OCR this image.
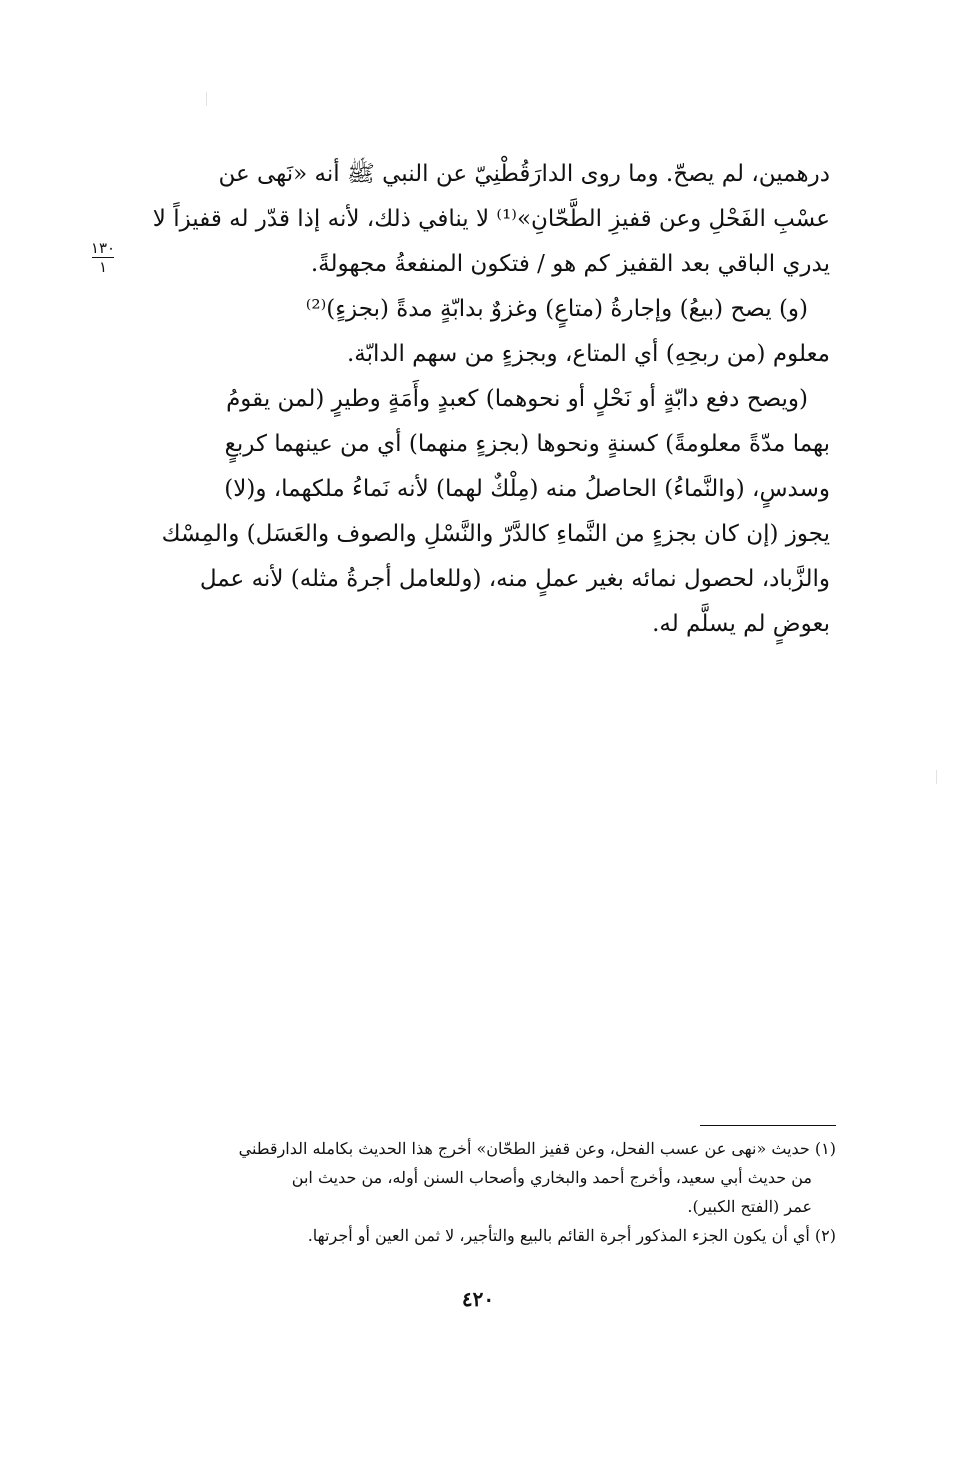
١٣٠
١
درهمين، لم يصحّ. وما روى الدارَقُطْنِيّ عن النبي ﷺ أنه «نَهى عن
عسْبِ الفَحْلِ وعن قفيزِ الطَّحّانِ»⁽¹⁾ لا ينافي ذلك، لأنه إذا قدّر له قفيزاً لا
يدري الباقي بعد القفيز كم هو / فتكون المنفعةُ مجهولةً.
(و) يصح (بيعُ) وإجارةُ (متاعٍ) وغزوٌ بدابّةٍ مدةً (بجزءٍ)⁽²⁾
معلوم (من ربحِهِ) أي المتاع، وبجزءٍ من سهم الدابّة.
(ويصح دفع دابّةٍ أو نَحْلٍ أو نحوهما) كعبدٍ وأَمَةٍ وطيرٍ (لمن يقومُ
بهما مدّةً معلومةً) كسنةٍ ونحوها (بجزءٍ منهما) أي من عينهما كربعٍ
وسدسٍ، (والنَّماءُ) الحاصلُ منه (مِلْكٌ لهما) لأنه نَماءُ ملكهما، و(لا)
يجوز (إن كان بجزءٍ من النَّماءِ كالدَّرّ والنَّسْلِ والصوف والعَسَل) والمِسْك
والزَّباد، لحصول نمائه بغير عملٍ منه، (وللعامل أجرةُ مثله) لأنه عمل
بعوضٍ لم يسلَّم له.
(١) حديث «نهى عن عسب الفحل، وعن قفيز الطحّان» أخرج هذا الحديث بكامله الدارقطني
من حديث أبي سعيد، وأخرج أحمد والبخاري وأصحاب السنن أوله، من حديث ابن
عمر (الفتح الكبير).
(٢) أي أن يكون الجزء المذكور أجرة القائم بالبيع والتأجير، لا ثمن العين أو أجرتها.
٤٢٠
